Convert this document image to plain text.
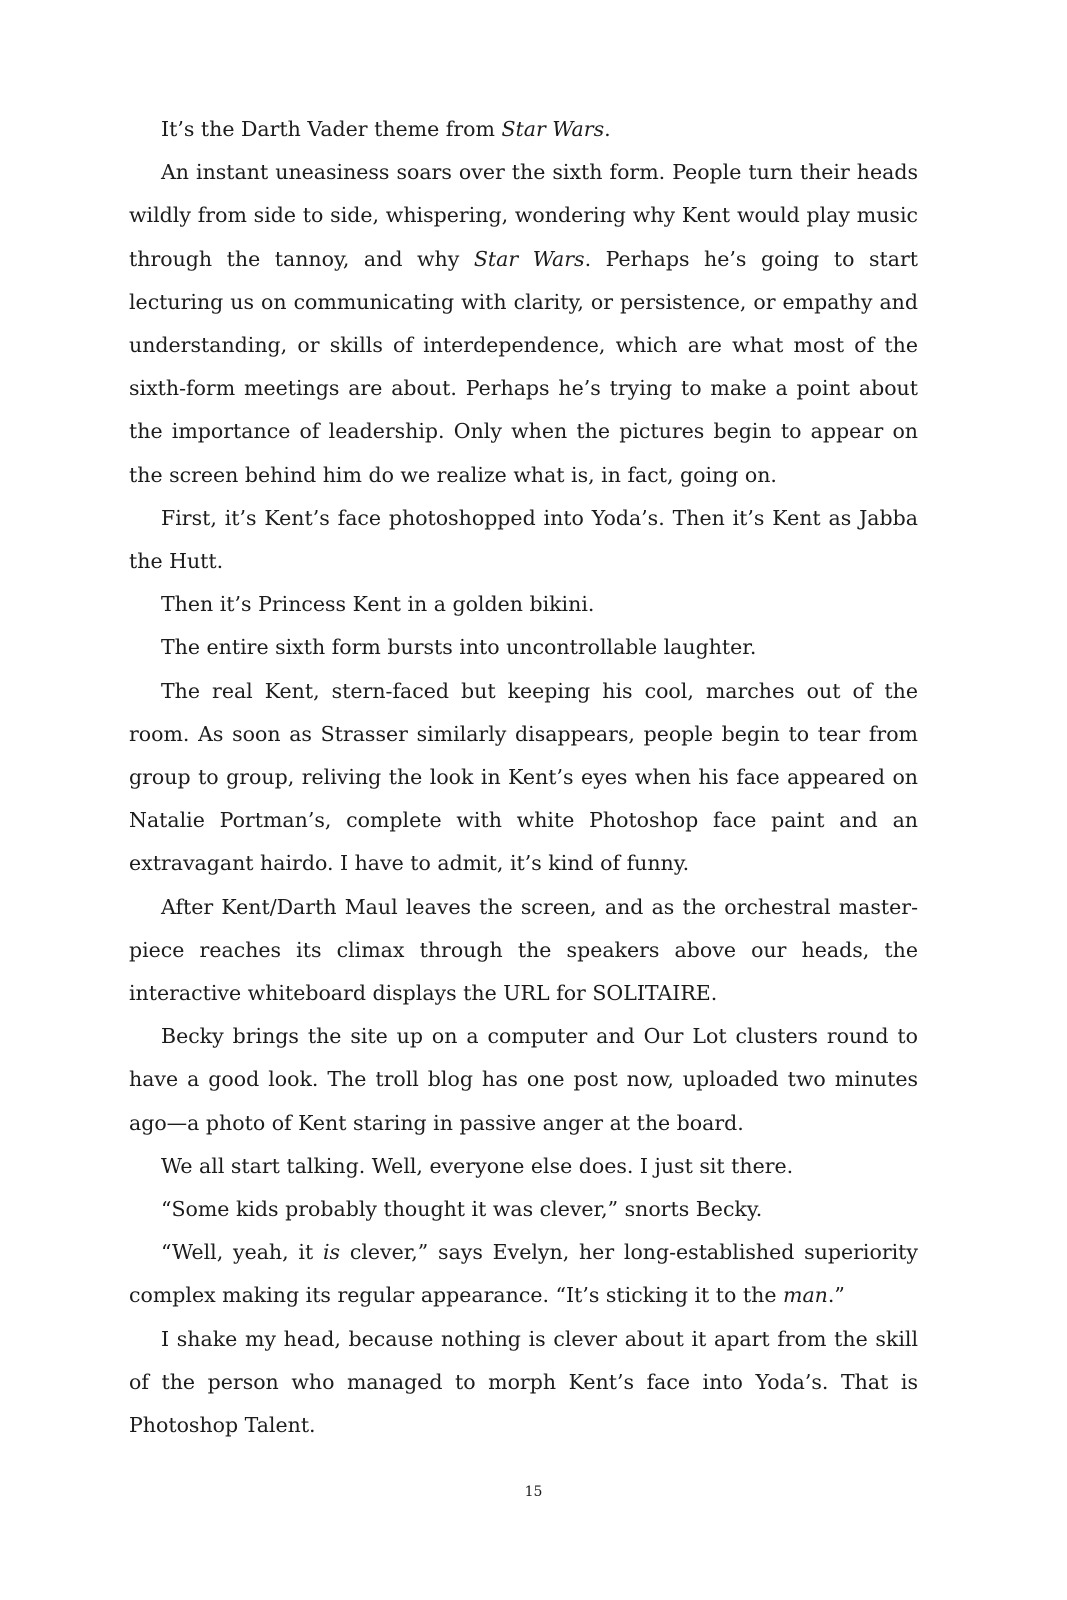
It’s the Darth Vader theme from Star Wars.

An instant uneasiness soars over the sixth form. People turn their heads wildly from side to side, whispering, wondering why Kent would play music through the tannoy, and why Star Wars. Perhaps he’s going to start lecturing us on communicating with clarity, or persistence, or empathy and understanding, or skills of interdependence, which are what most of the sixth-form meetings are about. Perhaps he’s trying to make a point about the importance of leadership. Only when the pictures begin to appear on the screen behind him do we realize what is, in fact, going on.

First, it’s Kent’s face photoshopped into Yoda’s. Then it’s Kent as Jabba the Hutt.

Then it’s Princess Kent in a golden bikini.

The entire sixth form bursts into uncontrollable laughter.

The real Kent, stern-faced but keeping his cool, marches out of the room. As soon as Strasser similarly disappears, people begin to tear from group to group, reliving the look in Kent’s eyes when his face appeared on Natalie Portman’s, complete with white Photoshop face paint and an extravagant hairdo. I have to admit, it’s kind of funny.

After Kent/Darth Maul leaves the screen, and as the orchestral masterpiece reaches its climax through the speakers above our heads, the interactive whiteboard displays the URL for SOLITAIRE.

Becky brings the site up on a computer and Our Lot clusters round to have a good look. The troll blog has one post now, uploaded two minutes ago—a photo of Kent staring in passive anger at the board.

We all start talking. Well, everyone else does. I just sit there.

“Some kids probably thought it was clever,” snorts Becky.

“Well, yeah, it is clever,” says Evelyn, her long-established superiority complex making its regular appearance. “It’s sticking it to the man.”

I shake my head, because nothing is clever about it apart from the skill of the person who managed to morph Kent’s face into Yoda’s. That is Photoshop Talent.

15
